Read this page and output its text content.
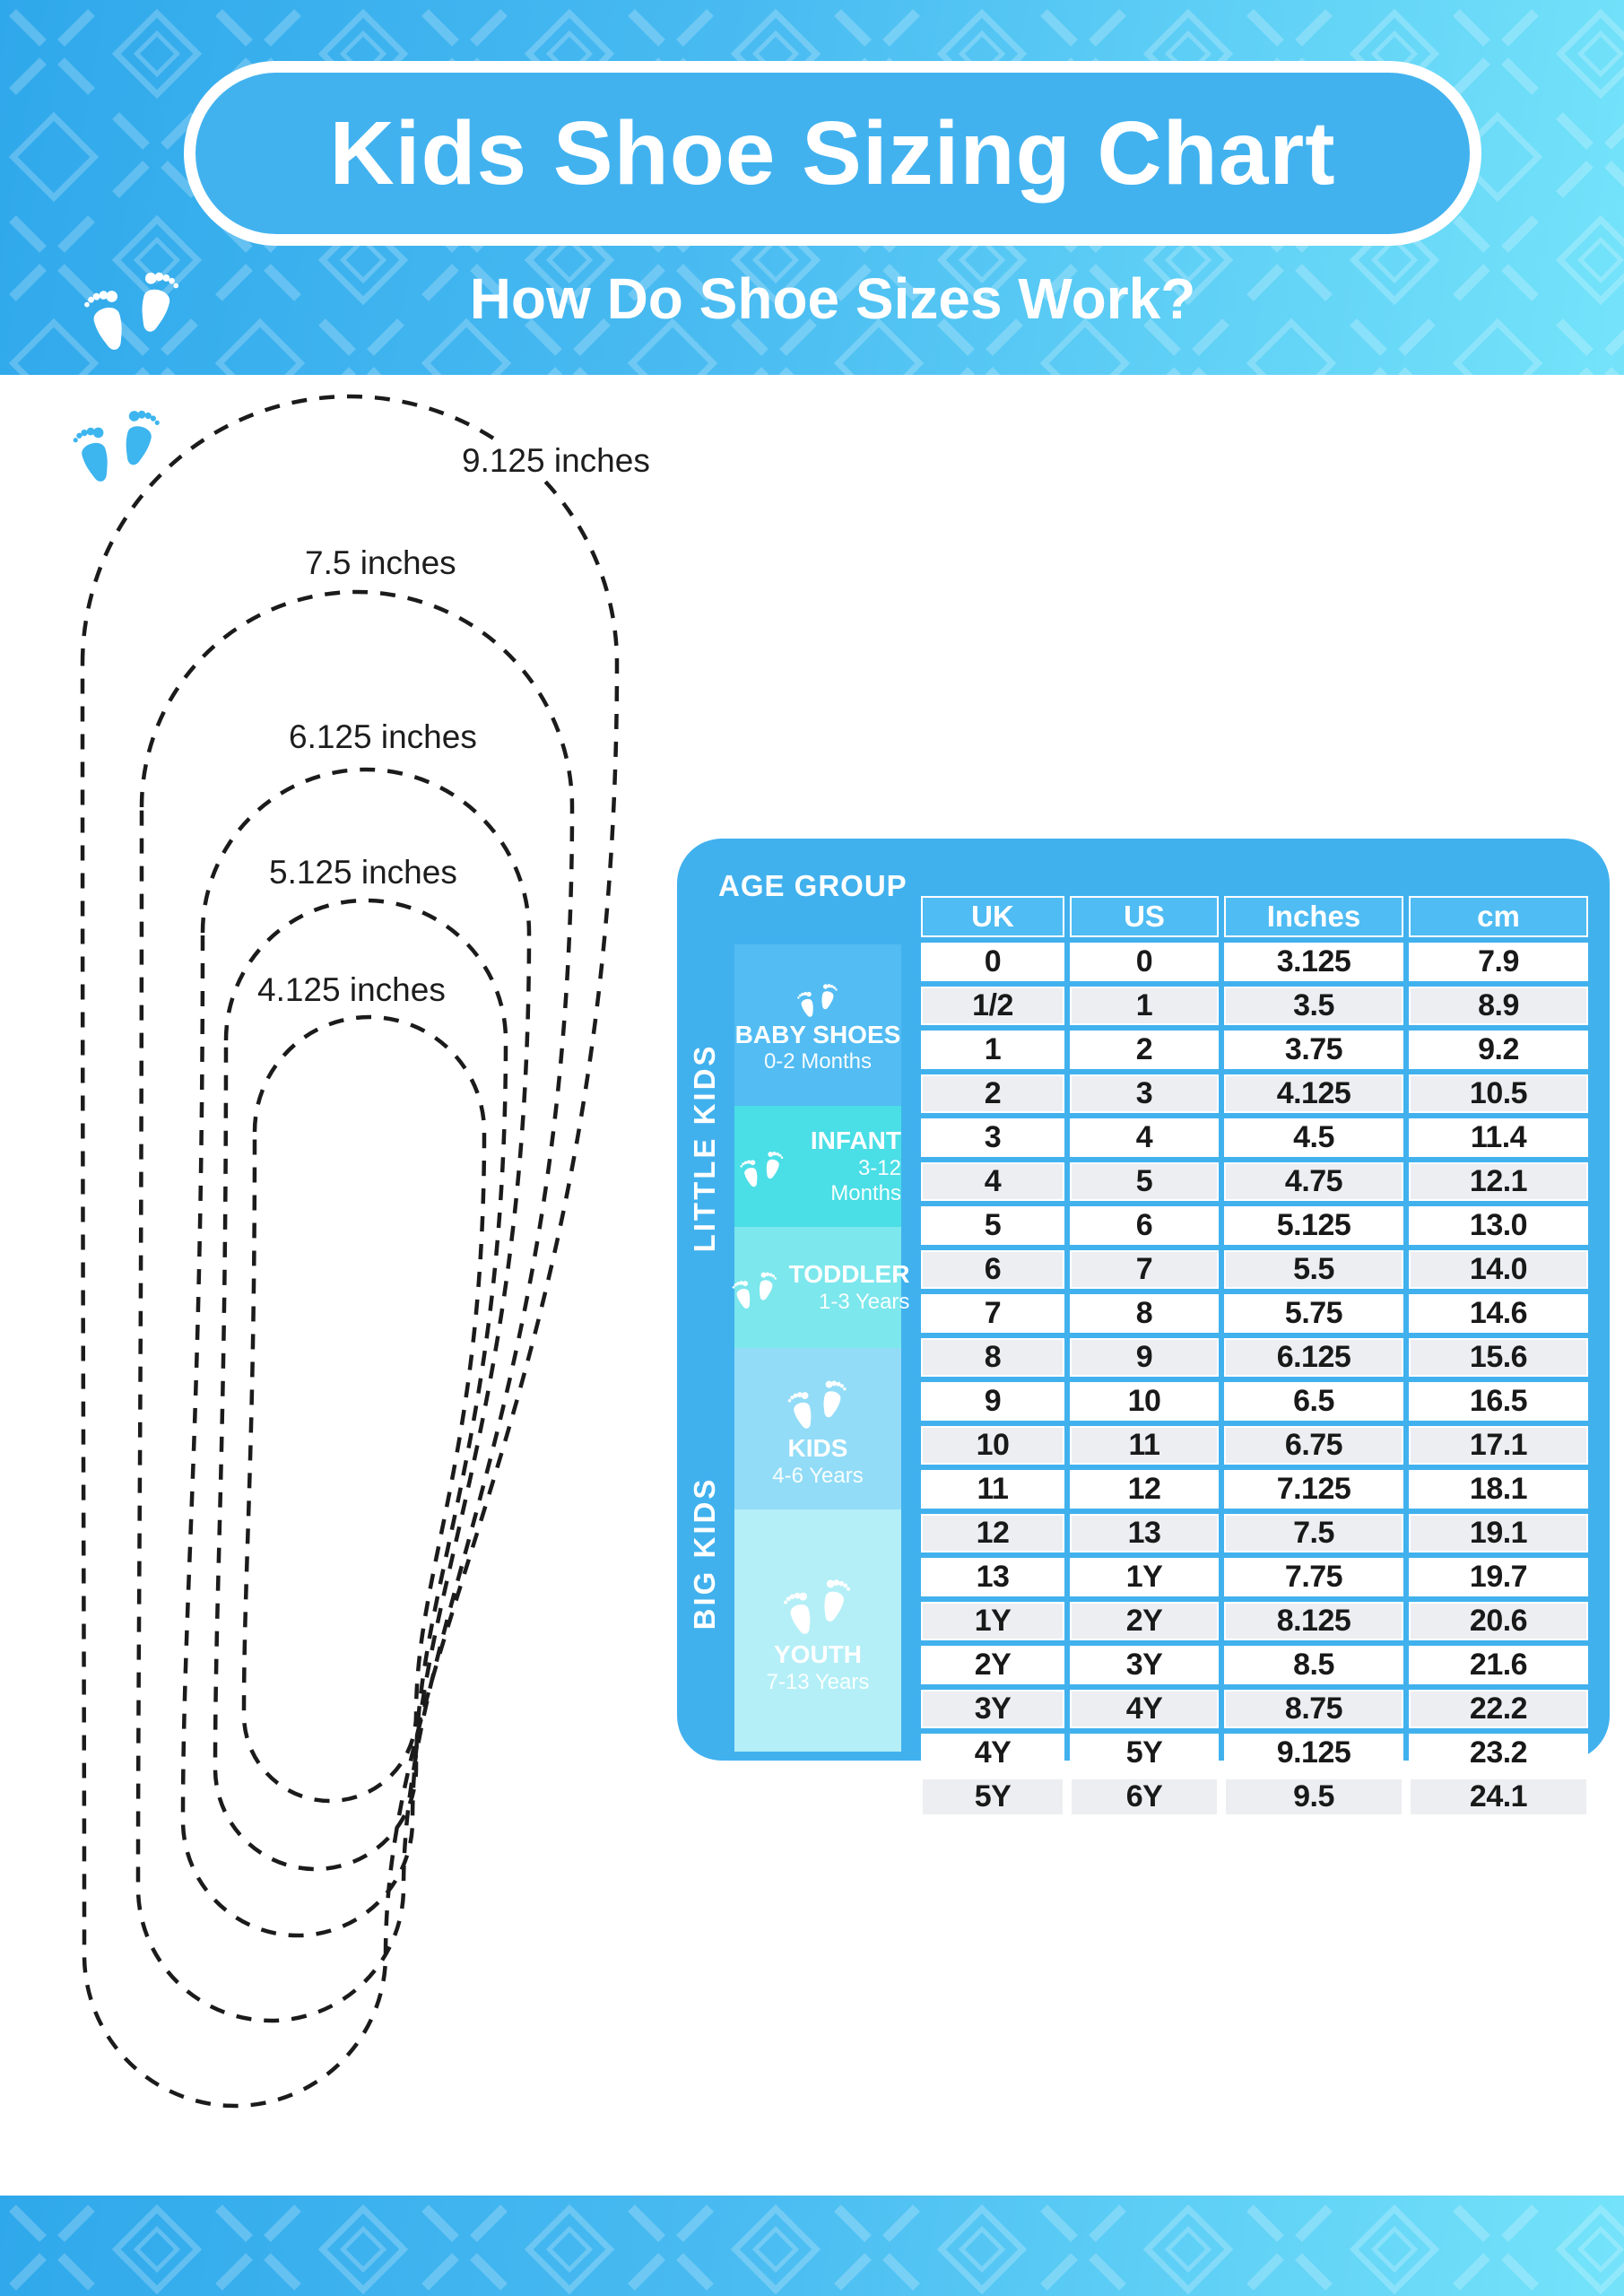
Kids Shoe Sizing Chart
How Do Shoe Sizes Work?
9.125 inches
7.5 inches
6.125 inches
5.125 inches
4.125 inches
AGE GROUP
LITTLE KIDS
BIG KIDS
BABY SHOES
0-2 Months
INFANT
3-12 Months
TODDLER
1-3 Years
KIDS
4-6 Years
YOUTH
7-13 Years
UK	US	Inches	cm
0	0	3.125	7.9
1/2	1	3.5	8.9
1	2	3.75	9.2
2	3	4.125	10.5
3	4	4.5	11.4
4	5	4.75	12.1
5	6	5.125	13.0
6	7	5.5	14.0
7	8	5.75	14.6
8	9	6.125	15.6
9	10	6.5	16.5
10	11	6.75	17.1
11	12	7.125	18.1
12	13	7.5	19.1
13	1Y	7.75	19.7
1Y	2Y	8.125	20.6
2Y	3Y	8.5	21.6
3Y	4Y	8.75	22.2
4Y	5Y	9.125	23.2
5Y	6Y	9.5	24.1
